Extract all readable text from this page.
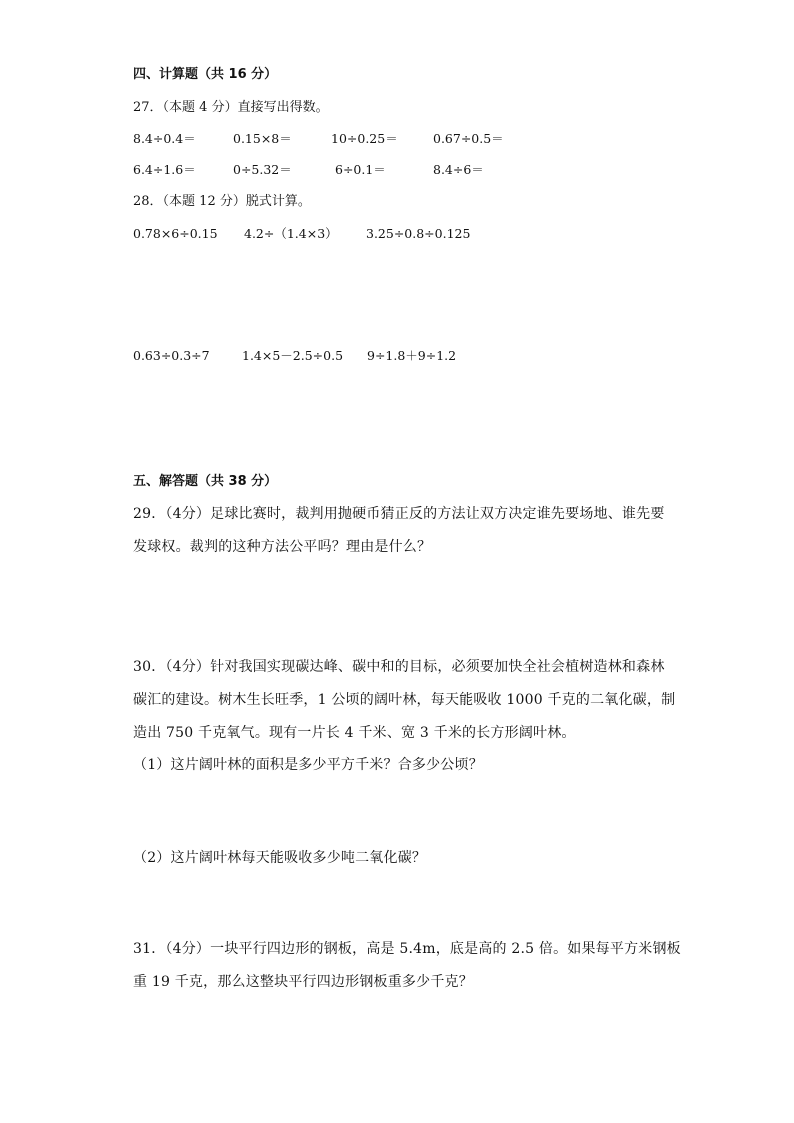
四、计算题（共 16 分）
27．（本题 4 分）直接写出得数。
8.4÷0.4＝	0.15×8＝	10÷0.25＝	0.67÷0.5＝
6.4÷1.6＝	0÷5.32＝	6÷0.1＝	8.4÷6＝
28．（本题 12 分）脱式计算。
0.78×6÷0.15 4.2÷（1.4×3） 3.25÷0.8÷0.125
0.63÷0.3÷7	1.4×5－2.5÷0.5 9÷1.8＋9÷1.2
五、解答题（共 38 分）
29．（4分）足球比赛时，裁判用抛硬币猜正反的方法让双方决定谁先要场地、谁先要
发球权。裁判的这种方法公平吗？理由是什么？
30．（4分）针对我国实现碳达峰、碳中和的目标，必须要加快全社会植树造林和森林
碳汇的建设。树木生长旺季，1 公顷的阔叶林，每天能吸收 1000 千克的二氧化碳，制
造出 750 千克氧气。现有一片长 4 千米、宽 3 千米的长方形阔叶林。
（1）这片阔叶林的面积是多少平方千米？合多少公顷？
（2）这片阔叶林每天能吸收多少吨二氧化碳？
31．（4分）一块平行四边形的钢板，高是 5.4m，底是高的 2.5 倍。如果每平方米钢板
重 19 千克，那么这整块平行四边形钢板重多少千克？
